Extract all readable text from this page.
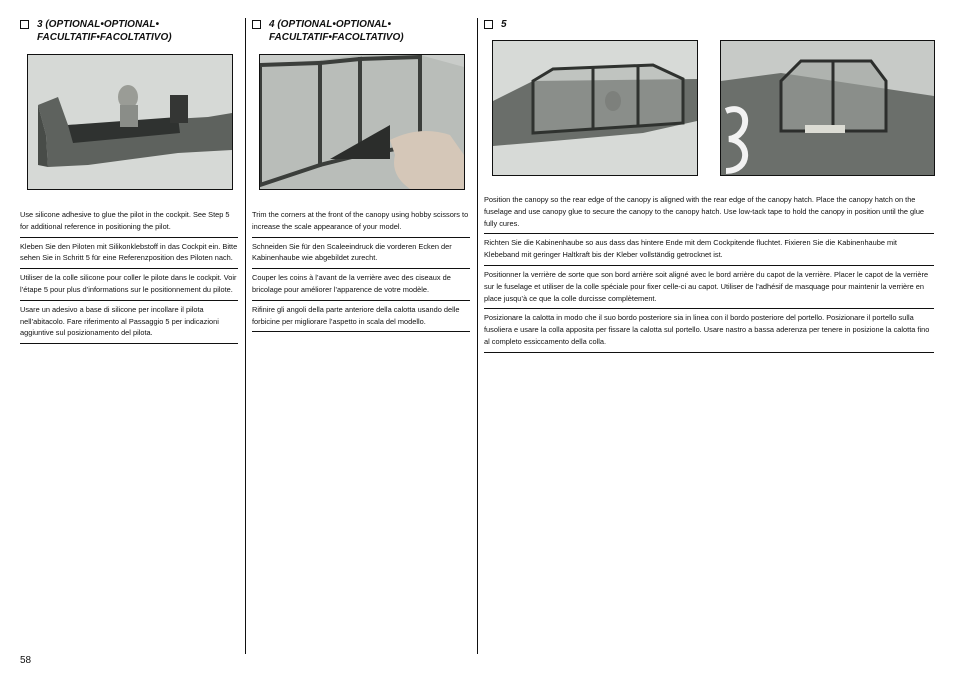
3 (OPTIONAL•OPTIONAL•
FACULTATIF•FACOLTATIVO)
Use silicone adhesive to glue the pilot in the cockpit. See Step 5 for additional reference in positioning the pilot.
Kleben Sie den Piloten mit Silikonklebstoff in das Cockpit ein. Bitte sehen Sie in Schritt 5 für eine Referenzposition des Piloten nach.
Utiliser de la colle silicone pour coller le pilote dans le cockpit. Voir l’étape 5 pour plus d’informations sur le positionnement du pilote.
Usare un adesivo a base di silicone per incollare il pilota nell’abitacolo. Fare riferimento al Passaggio 5 per indicazioni aggiuntive sul posizionamento del pilota.
4 (OPTIONAL•OPTIONAL•
FACULTATIF•FACOLTATIVO)
Trim the corners at the front of the canopy using hobby scissors to increase the scale appearance of your model.
Schneiden Sie für den Scaleeindruck die vorderen Ecken der Kabinenhaube wie abgebildet zurecht.
Couper les coins à l’avant de la verrière avec des ciseaux de bricolage pour améliorer l’apparence de votre modèle.
Rifinire gli angoli della parte anteriore della calotta usando delle forbicine per migliorare l’aspetto in scala del modello.
5
Position the canopy so the rear edge of the canopy is aligned with the rear edge of the canopy hatch. Place the canopy hatch on the fuselage and use canopy glue to secure the canopy to the canopy hatch. Use low-tack tape to hold the canopy in position until the glue fully cures.
Richten Sie die Kabinenhaube so aus dass das hintere Ende mit dem Cockpitende fluchtet. Fixieren Sie die Kabinenhaube mit Klebeband mit geringer Haltkraft bis der Kleber vollständig getrocknet ist.
Positionner la verrière de sorte que son bord arrière soit aligné avec le bord arrière du capot de la verrière. Placer le capot de la verrière sur le fuselage et utiliser de la colle spéciale pour fixer celle-ci au capot. Utiliser de l’adhésif de masquage pour maintenir la verrière en place jusqu’à ce que la colle durcisse complètement.
Posizionare la calotta in modo che il suo bordo posteriore sia in linea con il bordo posteriore del portello. Posizionare il portello sulla fusoliera e usare la colla apposita per fissare la calotta sul portello. Usare nastro a bassa aderenza per tenere in posizione la calotta fino al completo essiccamento della colla.
58
